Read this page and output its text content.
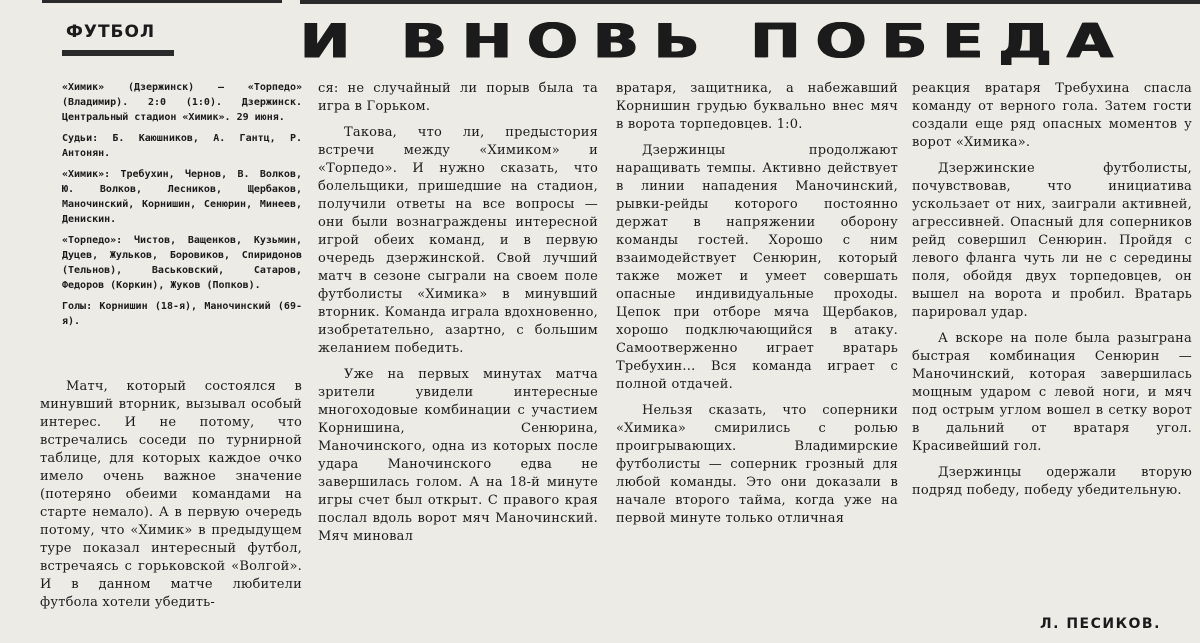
ФУТБОЛ И ВНОВЬ ПОБЕДА

«Химик» (Дзержинск) — «Торпедо» (Владимир). 2:0 (1:0). Дзержинск. Центральный стадион «Химик». 29 июня.

Судьи: Б. Каюшников, А. Гантц, Р. Антонян.

«Химик»: Требухин, Чернов, В. Волков, Ю. Волков, Лесников, Щербаков, Маночинский, Корнишин, Сенюрин, Минеев, Денискин.

«Торпедо»: Чистов, Ващенков, Кузьмин, Дуцев, Жульков, Боровиков, Спиридонов (Тельнов), Васьковский, Сатаров, Федоров (Коркин), Жуков (Попков).

Голы: Корнишин (18-я), Маночинский (69-я).

Матч, который состоялся в минувший вторник, вызывал особый интерес. И не потому, что встречались соседи по турнирной таблице, для которых каждое очко имело очень важное значение (потеряно обеими командами на старте немало). А в первую очередь потому, что «Химик» в предыдущем туре показал интересный футбол, встречаясь с горьковской «Волгой». И в данном матче любители футбола хотели убедить-

ся: не случайный ли порыв была та игра в Горьком.

Такова, что ли, предыстория встречи между «Химиком» и «Торпедо». И нужно сказать, что болельщики, пришедшие на стадион, получили ответы на все вопросы — они были вознаграждены интересной игрой обеих команд, и в первую очередь дзержинской. Свой лучший матч в сезоне сыграли на своем поле футболисты «Химика» в минувший вторник. Команда играла вдохновенно, изобретательно, азартно, с большим желанием победить.

Уже на первых минутах матча зрители увидели интересные многоходовые комбинации с участием Корнишина, Сенюрина, Маночинского, одна из которых после удара Маночинского едва не завершилась голом. А на 18-й минуте игры счет был открыт. С правого края послал вдоль ворот мяч Маночинский. Мяч миновал

вратаря, защитника, а набежавший Корнишин грудью буквально внес мяч в ворота торпедовцев. 1:0.

Дзержинцы продолжают наращивать темпы. Активно действует в линии нападения Маночинский, рывки-рейды которого постоянно держат в напряжении оборону команды гостей. Хорошо с ним взаимодействует Сенюрин, который также может и умеет совершать опасные индивидуальные проходы. Цепок при отборе мяча Щербаков, хорошо подключающийся в атаку. Самоотверженно играет вратарь Требухин... Вся команда играет с полной отдачей.

Нельзя сказать, что соперники «Химика» смирились с ролью проигрывающих. Владимирские футболисты — соперник грозный для любой команды. Это они доказали в начале второго тайма, когда уже на первой минуте только отличная

реакция вратаря Требухина спасла команду от верного гола. Затем гости создали еще ряд опасных моментов у ворот «Химика».

Дзержинские футболисты, почувствовав, что инициатива ускользает от них, заиграли активней, агрессивней. Опасный для соперников рейд совершил Сенюрин. Пройдя с левого фланга чуть ли не с середины поля, обойдя двух торпедовцев, он вышел на ворота и пробил. Вратарь парировал удар.

А вскоре на поле была разыграна быстрая комбинация Сенюрин — Маночинский, которая завершилась мощным ударом с левой ноги, и мяч под острым углом вошел в сетку ворот в дальний от вратаря угол. Красивейший гол.

Дзержинцы одержали вторую подряд победу, победу убедительную.

Л. ПЕСИКОВ.
